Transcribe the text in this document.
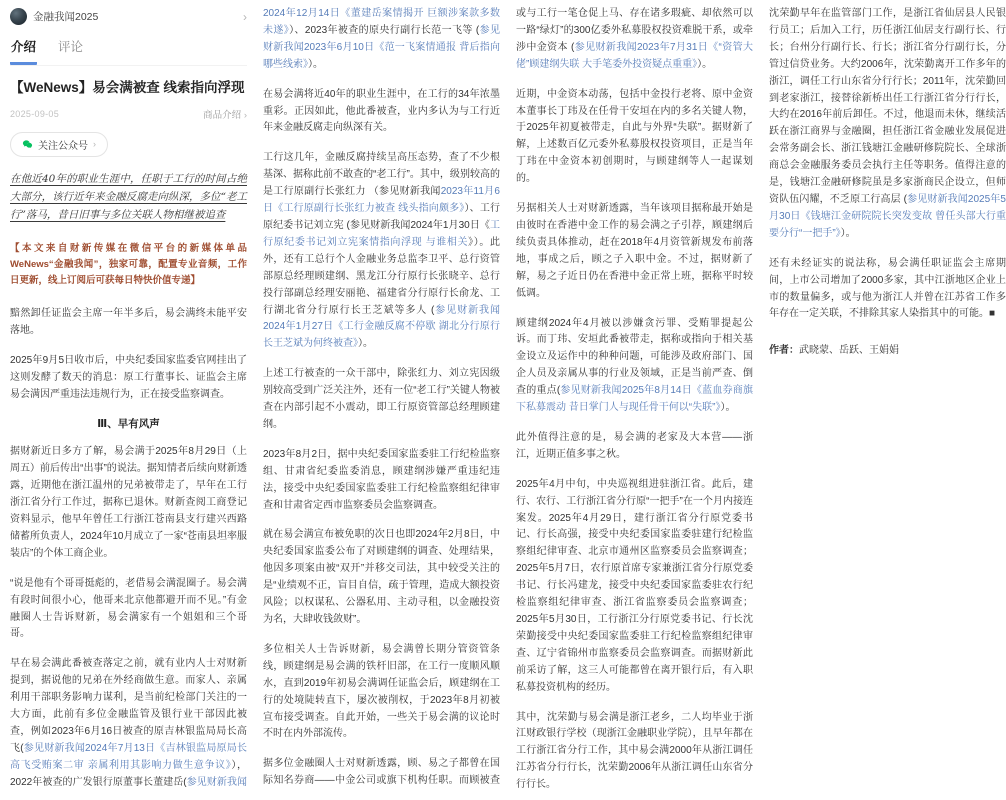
金融我闻2025	›
介绍 评论
【WeNews】易会满被查 线索指向浮现
2025-09-05	商品介绍 ›
关注公众号 ›

在他近40年的职业生涯中，任职于工行的时间占绝大部分，该行近年来金融反腐走向纵深，多位“老工行”落马，昔日旧事与多位关联人物相继被追查

【本文来自财新传媒在微信平台的新媒体单品 WeNews“金融我闻”，独家可靠，配置专业音频，工作日更新，线上订阅后可获每日特快价值专递】

黯然卸任证监会主席一年半多后，易会满终未能平安落地。

2025年9月5日收市后，中央纪委国家监委官网挂出了这则发酵了数天的消息：原工行董事长、证监会主席易会满因严重违法违规行为，正在接受监察调查。

Ⅲ、早有风声

据财新近日多方了解，易会满于2025年8月29日（上周五）前后传出“出事”的说法。据知情者后续向财新透露，近期他在浙江温州的兄弟被带走了，早年在工行浙江省分行工作过，据称已退休。财新查阅工商登记资料显示，他早年曾任工行浙江苍南县支行建兴西路储蓄所负责人，2024年10月成立了一家“苍南县坦率服装店”的个体工商企业。

“说是他有个哥哥挺彪的，老借易会满混圈子。易会满有段时间很小心，他哥来北京他都避开而不见。”有金融圈人士告诉财新，易会满家有一个姐姐和三个哥哥。

早在易会满此番被查落定之前，就有业内人士对财新提到，据说他的兄弟在外经商做生意。而家人、亲属利用干部职务影响力谋利，是当前纪检部门关注的一大方面，此前有多位金融监管及银行业干部因此被查，例如2023年6月16日被查的原吉林银监局局长高飞(参见财新我闻2024年7月13日《吉林银监局原局长高飞受贿案二审 亲属利用其影响力做生意争议》）， 2022年被查的广发银行原董事长董建岳(参见财新我闻2024年12月14日《董建岳案情揭开 巨额涉案款多数未遂》）、2023年被查的原央行副行长范一飞等 (参见财新我闻2023年6月10日《范一飞案情通报 背后指向哪些线索》）。

在易会满将近40年的职业生涯中，在工行的34年浓墨重彩。正因如此，他此番被查，业内多认为与工行近年来金融反腐走向纵深有关。

工行这几年，金融反腐持续呈高压态势，查了不少根基深、据称此前不敢查的“老工行”。其中，级别较高的是工行原副行长张红力 （参见财新我闻2023年11月6日《工行原副行长张红力被查 线头指向颇多》）、工行原纪委书记刘立宪 (参见财新我闻2024年1月30日《工行原纪委书记刘立宪案情指向浮现 与谁相关》）。此外，还有工总行个人金融业务总监李卫平、总行资管部原总经理顾建纲、黑龙江分行原行长张晓辛、总行投行部副总经理安丽艳、福建省分行原行长俞龙、工行湖北省分行原行长王芝斌等多人 (参见财新我闻2024年1月27日《工行金融反腐不停歇 湖北分行原行长王芝斌为何终被查》）。

上述工行被查的一众干部中，除张红力、刘立宪因级别较高受到广泛关注外，还有一位“老工行”关键人物被查在内部引起不小震动，即工行原资管部总经理顾建纲。

2023年8月2日，据中央纪委国家监委驻工行纪检监察组、甘肃省纪委监委消息，顾建纲涉嫌严重违纪违法，接受中央纪委国家监委驻工行纪检监察组纪律审查和甘肃省定西市监察委员会监察调查。

就在易会满宣布被免职的次日也即2024年2月8日，中央纪委国家监委公布了对顾建纲的调查、处理结果，他因多项案由被“双开”并移交司法，其中较受关注的是“业绩观不正，盲目自信，疏于管理，造成大额投资风险；以权谋私、公器私用、主动寻租，以金融投资为名，大肆收钱敛财”。

多位相关人士告诉财新，易会满曾长期分管资管条线，顾建纲是易会满的铁杆旧部，在工行一度顺风顺水，直到2019年初易会满调任证监会后，顾建纲在工行的处境陡转直下，屡次被削权，于2023年8月初被宣布接受调查。自此开始，一些关于易会满的议论时不时在内外部流传。

据多位金融圈人士对财新透露，顾、易之子都曾在国际知名券商——中金公司或旗下机构任职。而顾被查或与工行一笔仓促上马、存在诸多瑕疵、却依然可以一路“绿灯”的300亿委外私募股权投资难脱干系，或牵涉中金资本 (参见财新我闻2023年7月31日《“资管大佬”顾建纲失联 大手笔委外投资疑点重重》）。

近期，中金资本动荡，包括中金投行老将、原中金资本董事长丁玮及在任骨干安垣在内的多名关键人物，于2025年初夏被带走，自此与外界“失联”。据财新了解，上述数百亿元委外私募股权投资项目，正是当年丁玮在中金资本初创期时，与顾建纲等人一起谋划的。

另据相关人士对财新透露，当年该项目据称最开始是由彼时在香港中金工作的易会满之子引荐，顾建纲后续负责具体推动，赶在2018年4月资管新规发布前落地，事成之后，顾之子入职中金。不过，据财新了解，易之子近日仍在香港中金正常上班，据称平时较低调。

顾建纲2024年4月被以涉嫌贪污罪、受贿罪提起公诉。而丁玮、安垣此番被带走，据称或指向于相关基金设立及运作中的种种问题，可能涉及政府部门、国企人员及亲属从事的行业及领域，正是当前严查、倒查的重点(参见财新我闻2025年8月14日《蓝血券商旗下私募震动 昔日掌门人与现任骨干何以“失联”》）。

此外值得注意的是，易会满的老家及大本营——浙江，近期正值多事之秋。

2025年4月中旬，中央巡视组进驻浙江省。此后，建行、农行、工行浙江省分行原“一把手”在一个月内接连案发。2025年4月29日，建行浙江省分行原党委书记、行长高强，接受中央纪委国家监委驻建行纪检监察组纪律审查、北京市通州区监察委员会监察调查；2025年5月7日，农行原首席专家兼浙江省分行原党委书记、行长冯建龙，接受中央纪委国家监委驻农行纪检监察组纪律审查、浙江省监察委员会监察调查；2025年5月30日，工行浙江分行原党委书记、行长沈荣勤接受中央纪委国家监委驻工行纪检监察组纪律审查、辽宁省锦州市监察委员会监察调查。而据财新此前采访了解，这三人可能都曾在离开银行后，有入职私募投资机构的经历。

其中，沈荣勤与易会满是浙江老乡，二人均毕业于浙江财政银行学校（现浙江金融职业学院），且早年都在工行浙江省分行工作，其中易会满2000年从浙江调任江苏省分行行长，沈荣勤2006年从浙江调任山东省分行行长。

沈荣勤早年在监管部门工作，是浙江省仙居县人民银行员工；后加入工行，历任浙江仙居支行副行长、行长；台州分行副行长、行长；浙江省分行副行长，分管过信贷业务。大约2006年，沈荣勤离开工作多年的浙江，调任工行山东省分行行长；2011年，沈荣勤回到老家浙江，接替徐新桥出任工行浙江省分行行长，大约在2016年前后卸任。不过，他退而未休，继续活跃在浙江商界与金融圈，担任浙江省金融业发展促进会常务副会长、浙江钱塘江金融研修院院长、全球浙商总会金融服务委员会执行主任等职务。值得注意的是，钱塘江金融研修院虽是多家浙商民企设立，但师资队伍闪耀，不乏原工行高层 (参见财新我闻2025年5月30日《钱塘江金研院院长突发变故 曾任头部大行重要分行“一把手”》）。

还有未经证实的说法称，易会满任职证监会主席期间，上市公司增加了2000多家，其中江浙地区企业上市的数量偏多，或与他为浙江人并曾在江苏省工作多年存在一定关联，不排除其家人染指其中的可能。■

作者：武晓蒙、岳跃、王娟娟
